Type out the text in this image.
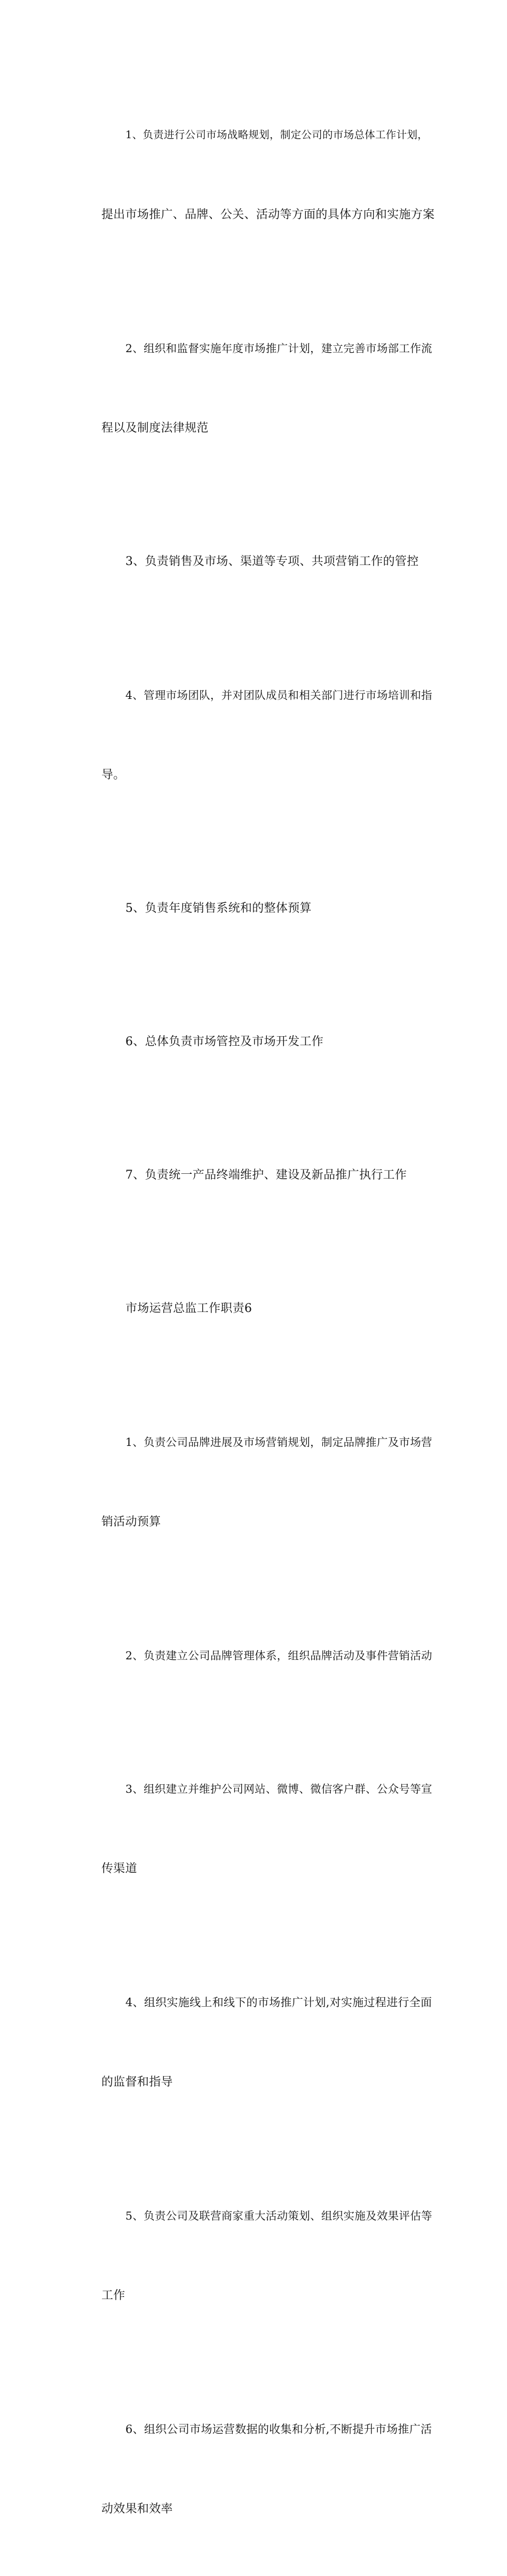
1、负责进行公司市场战略规划，制定公司的市场总体工作计划，

提出市场推广、品牌、公关、活动等方面的具体方向和实施方案

2、组织和监督实施年度市场推广计划，建立完善市场部工作流

程以及制度法律规范

3、负责销售及市场、渠道等专项、共项营销工作的管控

4、管理市场团队，并对团队成员和相关部门进行市场培训和指

导。

5、负责年度销售系统和的整体预算

6、总体负责市场管控及市场开发工作

7、负责统一产品终端维护、建设及新品推广执行工作

市场运营总监工作职责6

1、负责公司品牌进展及市场营销规划，制定品牌推广及市场营

销活动预算

2、负责建立公司品牌管理体系，组织品牌活动及事件营销活动

3、组织建立并维护公司网站、微博、微信客户群、公众号等宣

传渠道

4、组织实施线上和线下的市场推广计划,对实施过程进行全面

的监督和指导

5、负责公司及联营商家重大活动策划、组织实施及效果评估等

工作

6、组织公司市场运营数据的收集和分析,不断提升市场推广活

动效果和效率
